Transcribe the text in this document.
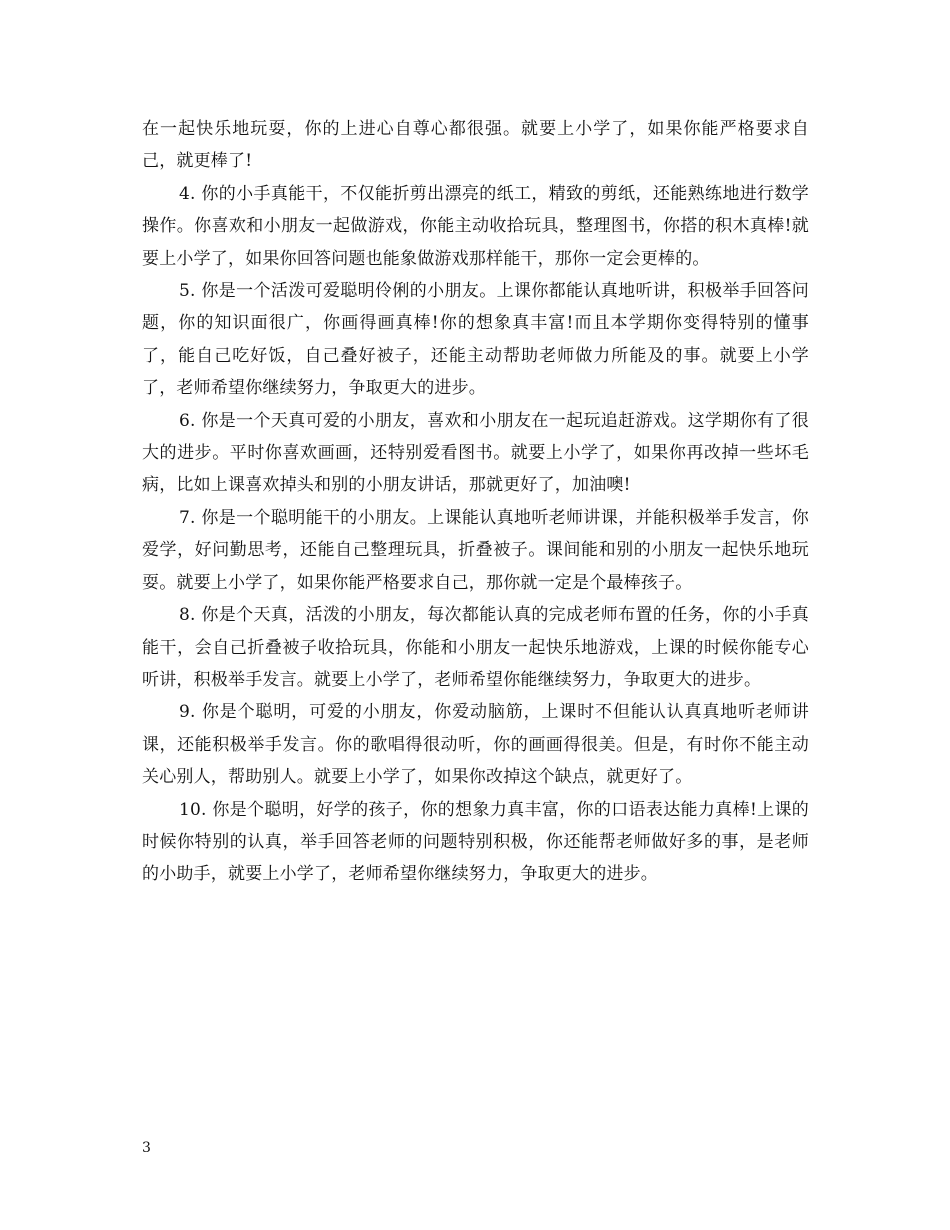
在一起快乐地玩耍，你的上进心自尊心都很强。就要上小学了，如果你能严格要求自己，就更棒了!

4. 你的小手真能干，不仅能折剪出漂亮的纸工，精致的剪纸，还能熟练地进行数学操作。你喜欢和小朋友一起做游戏，你能主动收拾玩具，整理图书，你搭的积木真棒!就要上小学了，如果你回答问题也能象做游戏那样能干，那你一定会更棒的。

5. 你是一个活泼可爱聪明伶俐的小朋友。上课你都能认真地听讲，积极举手回答问题，你的知识面很广，你画得画真棒!你的想象真丰富!而且本学期你变得特别的懂事了，能自己吃好饭，自己叠好被子，还能主动帮助老师做力所能及的事。就要上小学了，老师希望你继续努力，争取更大的进步。

6. 你是一个天真可爱的小朋友，喜欢和小朋友在一起玩追赶游戏。这学期你有了很大的进步。平时你喜欢画画，还特别爱看图书。就要上小学了，如果你再改掉一些坏毛病，比如上课喜欢掉头和别的小朋友讲话，那就更好了，加油噢!

7. 你是一个聪明能干的小朋友。上课能认真地听老师讲课，并能积极举手发言，你爱学，好问勤思考，还能自己整理玩具，折叠被子。课间能和别的小朋友一起快乐地玩耍。就要上小学了，如果你能严格要求自己，那你就一定是个最棒孩子。

8. 你是个天真，活泼的小朋友，每次都能认真的完成老师布置的任务，你的小手真能干，会自己折叠被子收拾玩具，你能和小朋友一起快乐地游戏，上课的时候你能专心听讲，积极举手发言。就要上小学了，老师希望你能继续努力，争取更大的进步。

9. 你是个聪明，可爱的小朋友，你爱动脑筋，上课时不但能认认真真地听老师讲课，还能积极举手发言。你的歌唱得很动听，你的画画得很美。但是，有时你不能主动关心别人，帮助别人。就要上小学了，如果你改掉这个缺点，就更好了。

10. 你是个聪明，好学的孩子，你的想象力真丰富，你的口语表达能力真棒!上课的时候你特别的认真，举手回答老师的问题特别积极，你还能帮老师做好多的事，是老师的小助手，就要上小学了，老师希望你继续努力，争取更大的进步。

3
